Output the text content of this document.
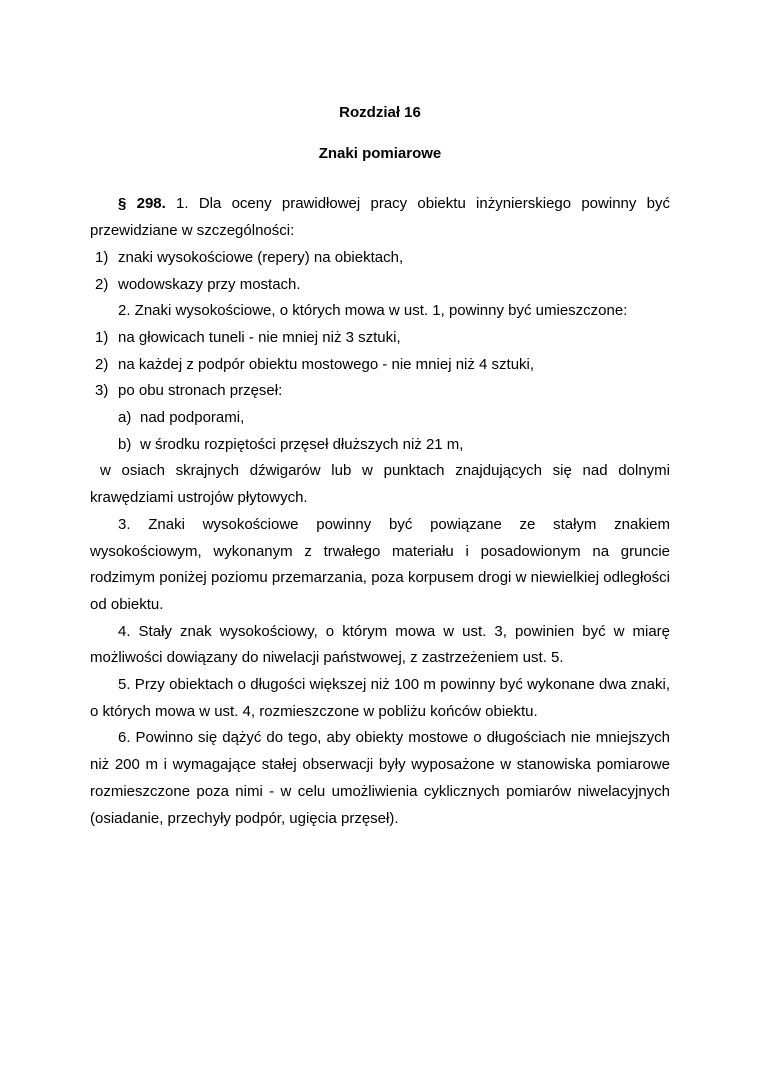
Rozdział 16
Znaki pomiarowe

§ 298. 1. Dla oceny prawidłowej pracy obiektu inżynierskiego powinny być przewidziane w szczególności:

1) znaki wysokościowe (repery) na obiektach,
2) wodowskazy przy mostach.

2. Znaki wysokościowe, o których mowa w ust. 1, powinny być umieszczone:

1) na głowicach tuneli - nie mniej niż 3 sztuki,
2) na każdej z podpór obiektu mostowego - nie mniej niż 4 sztuki,
3) po obu stronach przęseł:
a) nad podporami,
b) w środku rozpiętości przęseł dłuższych niż 21 m,

w osiach skrajnych dźwigarów lub w punktach znajdujących się nad dolnymi krawędziami ustrojów płytowych.

3. Znaki wysokościowe powinny być powiązane ze stałym znakiem wysokościowym, wykonanym z trwałego materiału i posadowionym na gruncie rodzimym poniżej poziomu przemarzania, poza korpusem drogi w niewielkiej odległości od obiektu.

4. Stały znak wysokościowy, o którym mowa w ust. 3, powinien być w miarę możliwości dowiązany do niwelacji państwowej, z zastrzeżeniem ust. 5.

5. Przy obiektach o długości większej niż 100 m powinny być wykonane dwa znaki, o których mowa w ust. 4, rozmieszczone w pobliżu końców obiektu.

6. Powinno się dążyć do tego, aby obiekty mostowe o długościach nie mniejszych niż 200 m i wymagające stałej obserwacji były wyposażone w stanowiska pomiarowe rozmieszczone poza nimi - w celu umożliwienia cyklicznych pomiarów niwelacyjnych (osiadanie, przechyły podpór, ugięcia przęseł).
